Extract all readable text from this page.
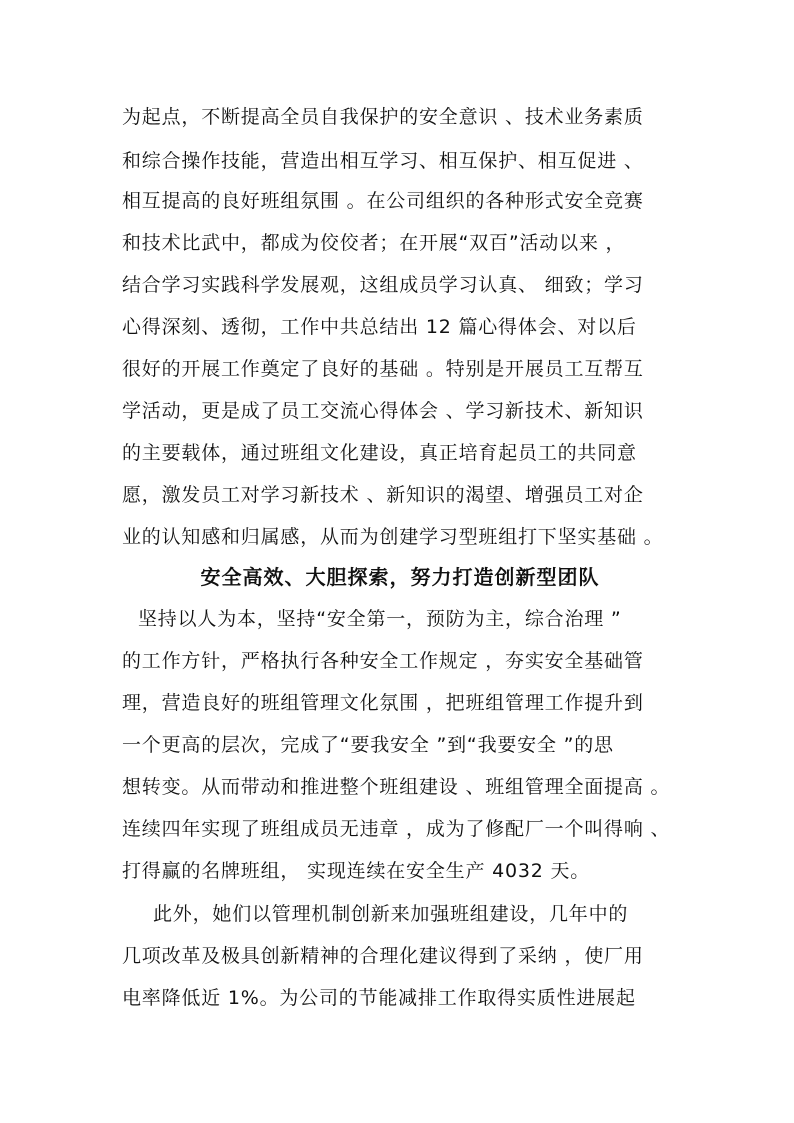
为起点，不断提高全员自我保护的安全意识 、技术业务素质
和综合操作技能，营造出相互学习、相互保护、相互促进 、
相互提高的良好班组氛围 。在公司组织的各种形式安全竞赛
和技术比武中，都成为佼佼者；在开展“双百”活动以来 ，
结合学习实践科学发展观，这组成员学习认真、 细致；学习
心得深刻、透彻，工作中共总结出 12 篇心得体会、对以后
很好的开展工作奠定了良好的基础 。特别是开展员工互帮互
学活动，更是成了员工交流心得体会 、学习新技术、新知识
的主要载体，通过班组文化建设，真正培育起员工的共同意
愿，激发员工对学习新技术 、新知识的渴望、增强员工对企
业的认知感和归属感，从而为创建学习型班组打下坚实基础 。
安全高效、大胆探索，努力打造创新型团队
坚持以人为本，坚持“安全第一，预防为主，综合治理 ”
的工作方针，严格执行各种安全工作规定 ，夯实安全基础管
理，营造良好的班组管理文化氛围 ，把班组管理工作提升到
一个更高的层次，完成了“要我安全 ”到“我要安全 ”的思
想转变。从而带动和推进整个班组建设 、班组管理全面提高 。
连续四年实现了班组成员无违章 ，成为了修配厂一个叫得响 、
打得赢的名牌班组， 实现连续在安全生产 4032 天。
此外，她们以管理机制创新来加强班组建设，几年中的
几项改革及极具创新精神的合理化建议得到了采纳 ，使厂用
电率降低近 1%。为公司的节能减排工作取得实质性进展起
